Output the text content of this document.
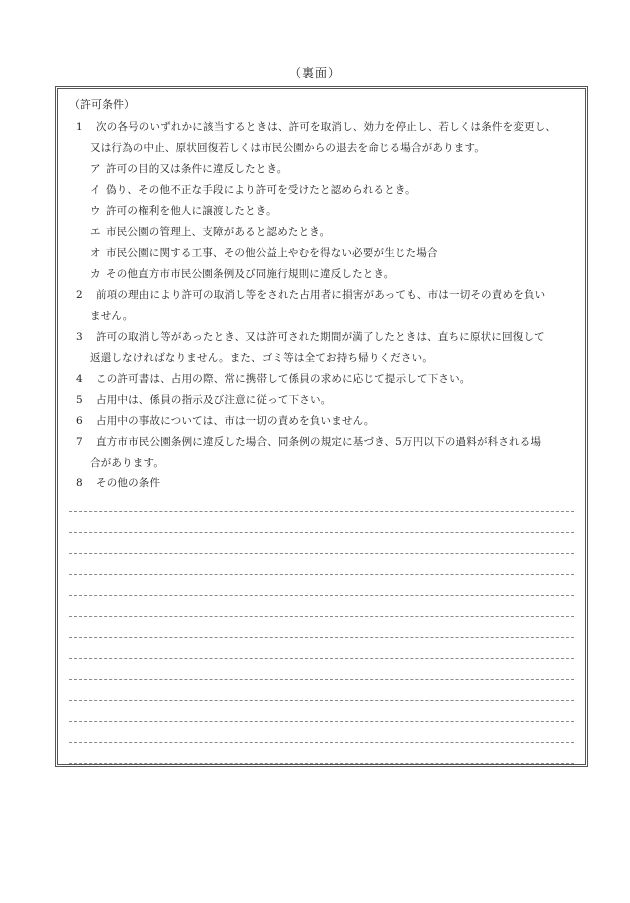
（裏面）
（許可条件）
1 次の各号のいずれかに該当するときは、許可を取消し、効力を停止し、若しくは条件を変更し、
又は行為の中止、原状回復若しくは市民公園からの退去を命じる場合があります。
ア 許可の目的又は条件に違反したとき。
イ 偽り、その他不正な手段により許可を受けたと認められるとき。
ウ 許可の権利を他人に譲渡したとき。
エ 市民公園の管理上、支障があると認めたとき。
オ 市民公園に関する工事、その他公益上やむを得ない必要が生じた場合
カ その他直方市市民公園条例及び同施行規則に違反したとき。
2 前項の理由により許可の取消し等をされた占用者に損害があっても、市は一切その責めを負い
ません。
3 許可の取消し等があったとき、又は許可された期間が満了したときは、直ちに原状に回復して
返還しなければなりません。また、ゴミ等は全てお持ち帰りください。
4 この許可書は、占用の際、常に携帯して係員の求めに応じて提示して下さい。
5 占用中は、係員の指示及び注意に従って下さい。
6 占用中の事故については、市は一切の責めを負いません。
7 直方市市民公園条例に違反した場合、同条例の規定に基づき、5万円以下の過料が科される場
合があります。
8 その他の条件
